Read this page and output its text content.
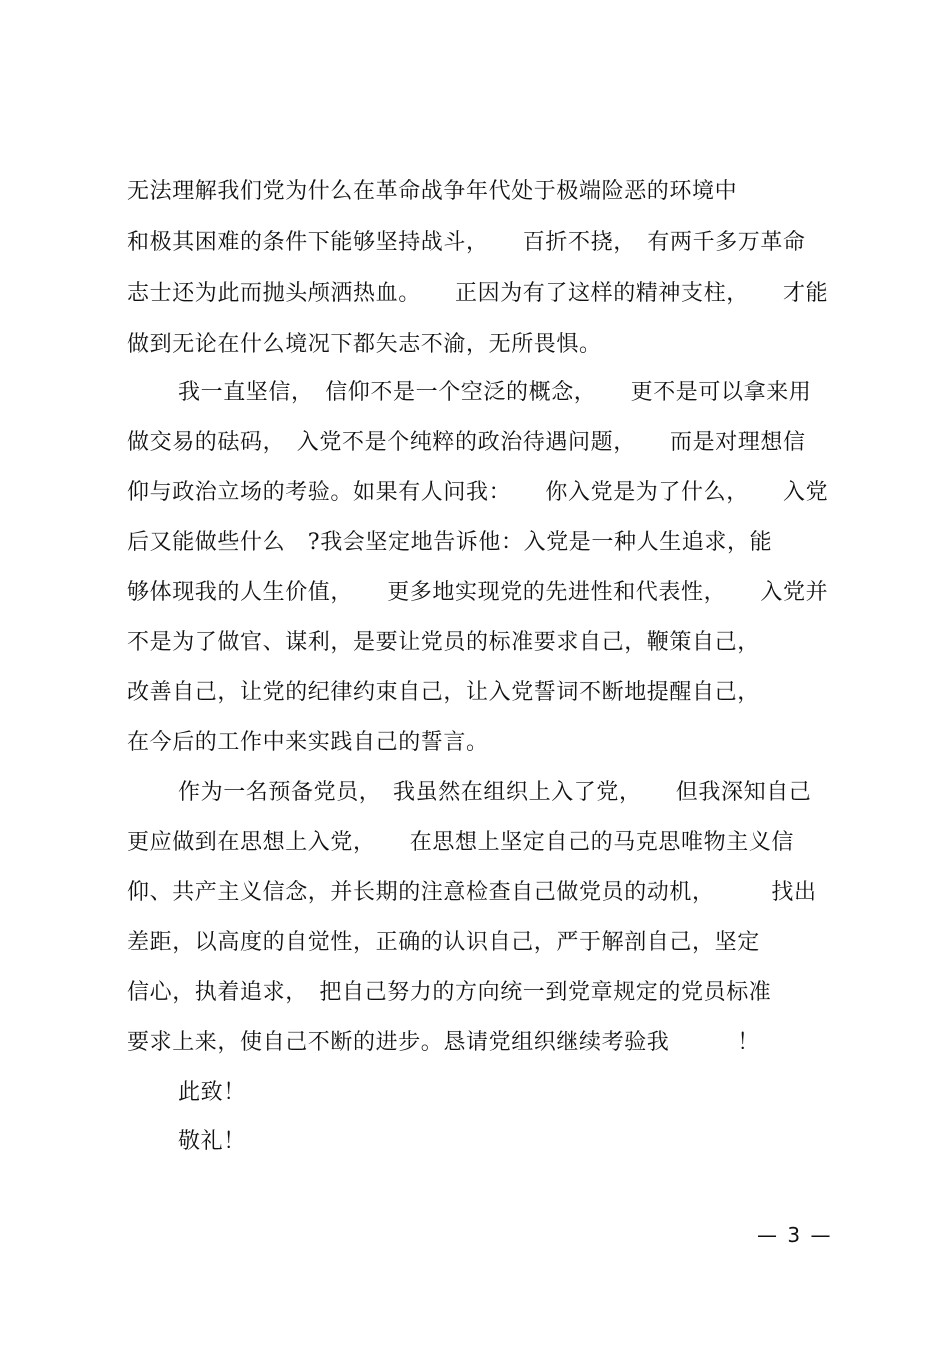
无法理解我们党为什么在革命战争年代处于极端险恶的环境中
和极其困难的条件下能够坚持战斗，　　百折不挠，　有两千多万革命
志士还为此而抛头颅洒热血。　　正因为有了这样的精神支柱，　　才能
做到无论在什么境况下都矢志不渝，无所畏惧。
我一直坚信，　信仰不是一个空泛的概念，　　更不是可以拿来用
做交易的砝码，　入党不是个纯粹的政治待遇问题，　　而是对理想信
仰与政治立场的考验。如果有人问我：　　你入党是为了什么，　　入党
后又能做些什么　?我会坚定地告诉他：入党是一种人生追求，能
够体现我的人生价值，　　更多地实现党的先进性和代表性，　　入党并
不是为了做官、谋利，是要让党员的标准要求自己，鞭策自己，
改善自己，让党的纪律约束自己，让入党誓词不断地提醒自己，
在今后的工作中来实践自己的誓言。
作为一名预备党员，　我虽然在组织上入了党，　　但我深知自己
更应做到在思想上入党，　　在思想上坚定自己的马克思唯物主义信
仰、共产主义信念，并长期的注意检查自己做党员的动机，　　　找出
差距，以高度的自觉性，正确的认识自己，严于解剖自己，坚定
信心，执着追求，　把自己努力的方向统一到党章规定的党员标准
要求上来，使自己不断的进步。恳请党组织继续考验我　　　！
此致！
敬礼！
— 3 —
